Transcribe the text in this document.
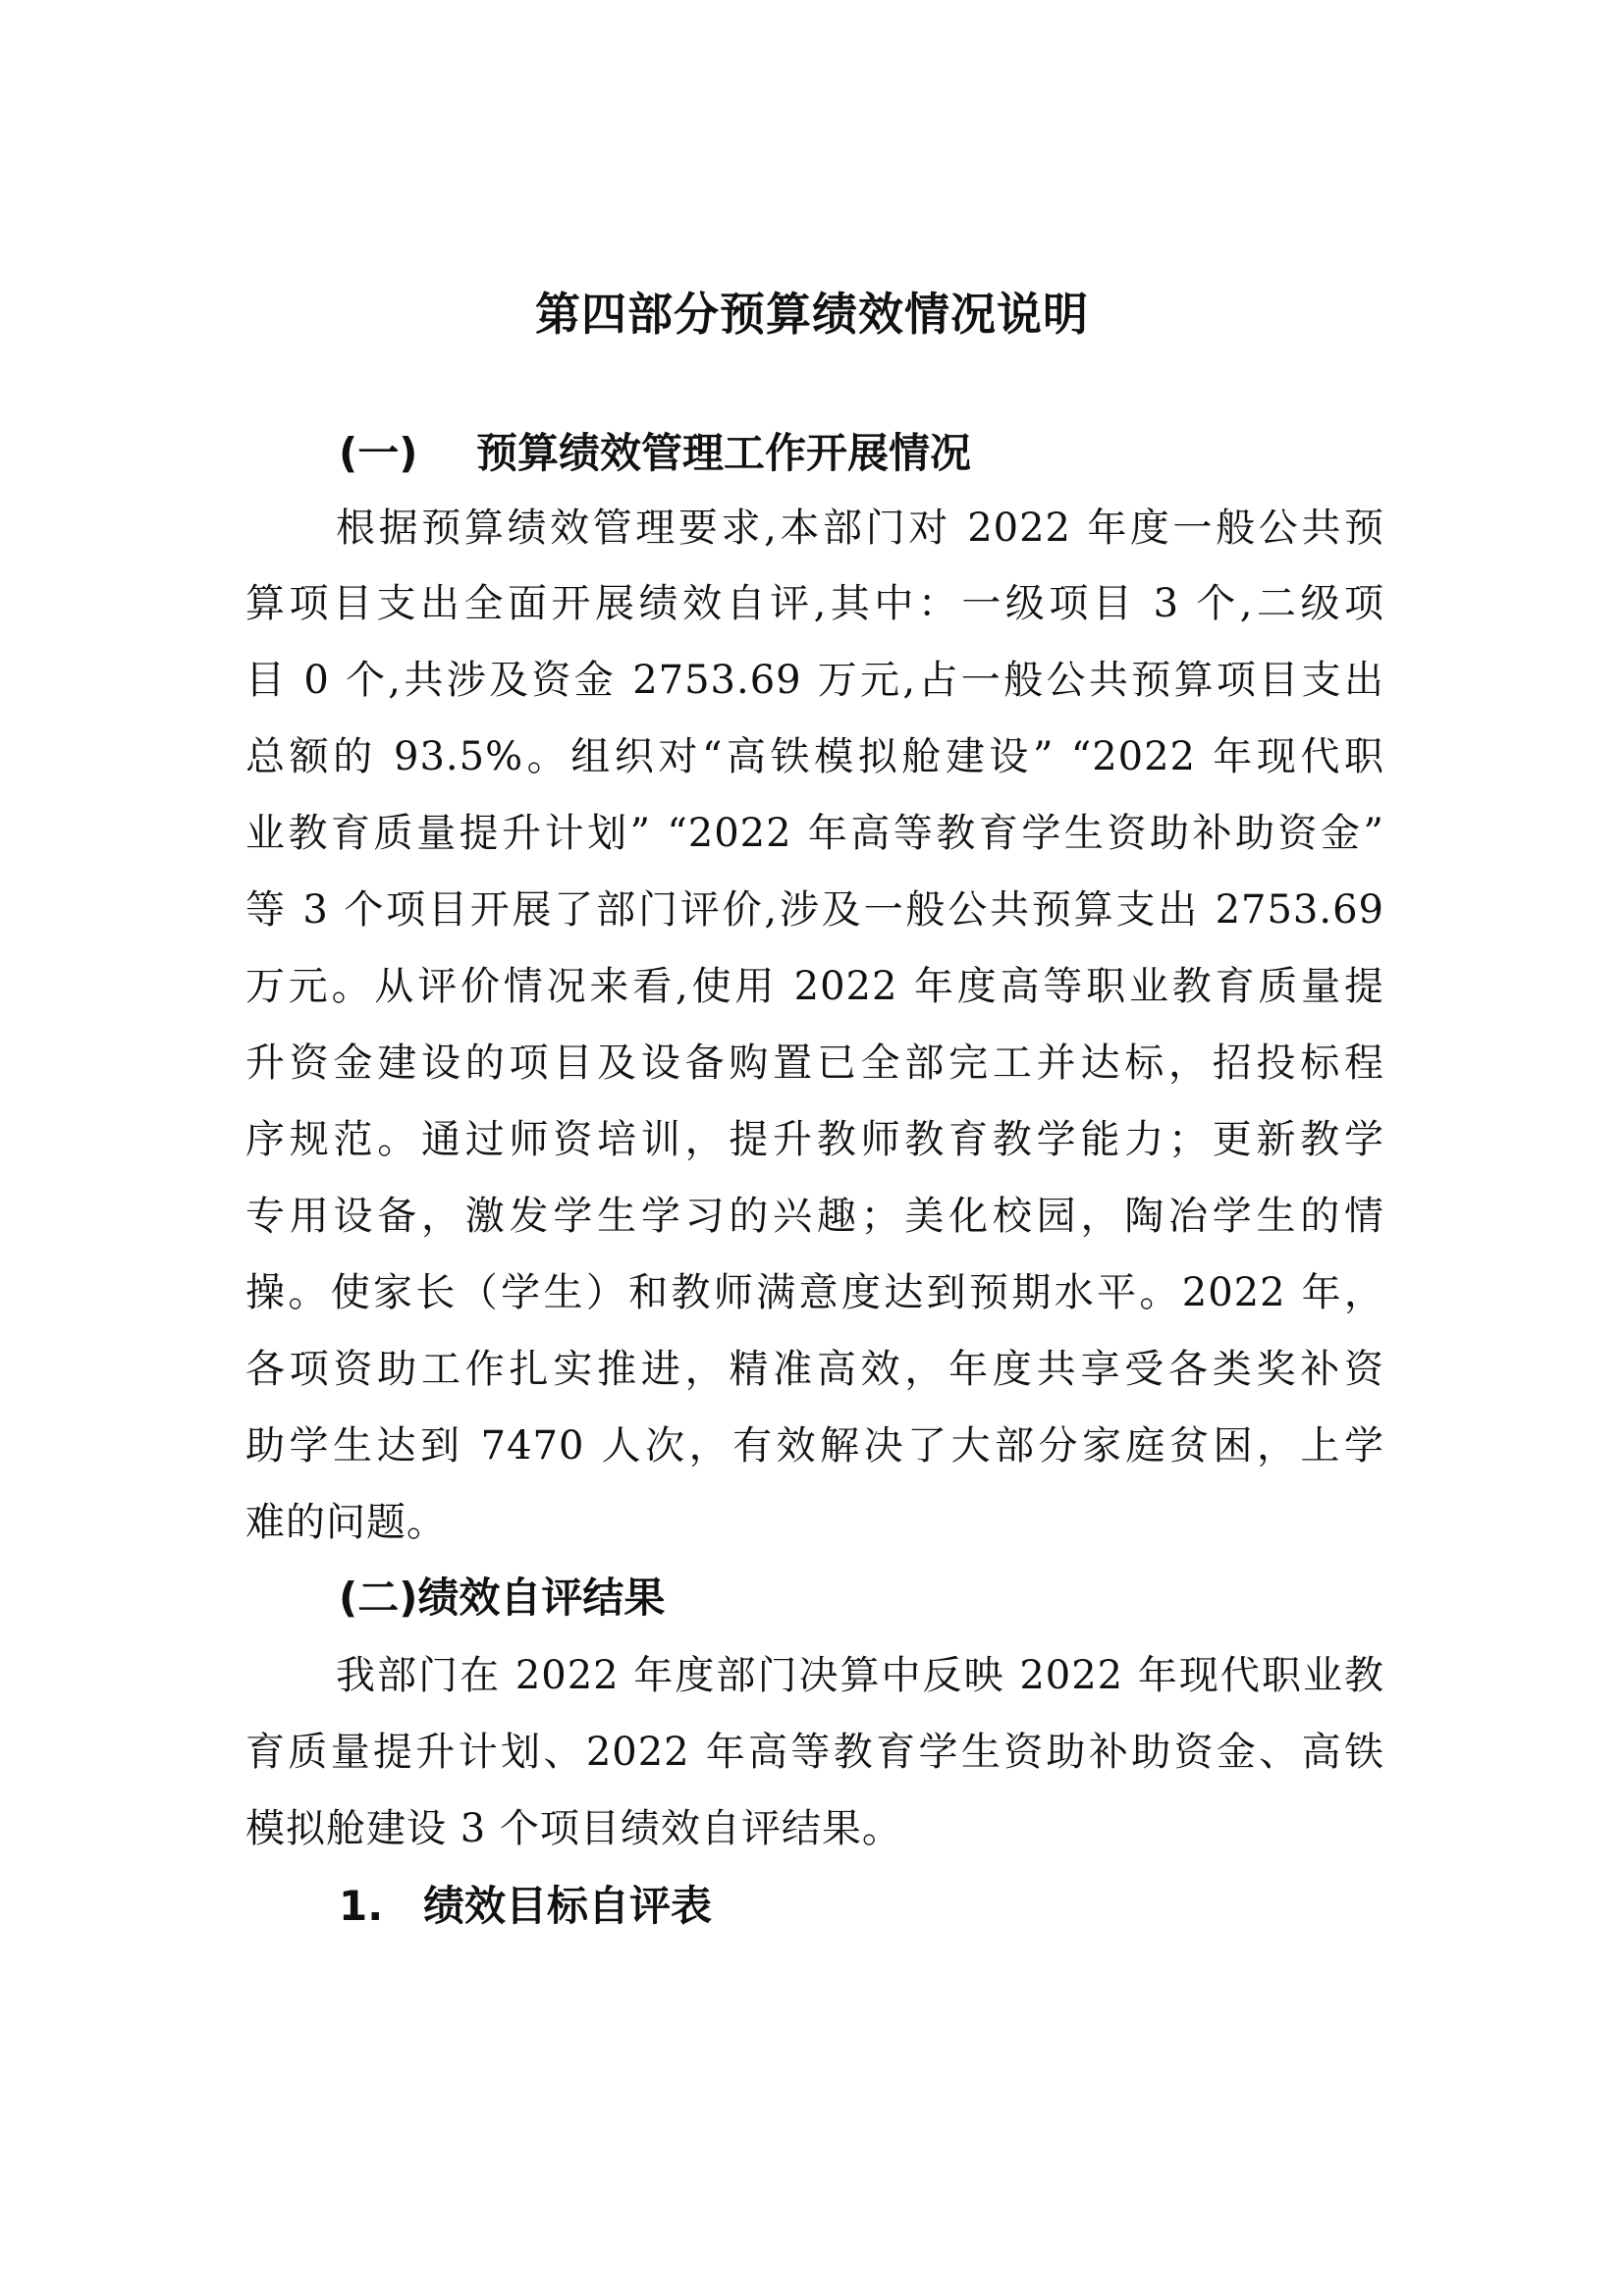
第四部分预算绩效情况说明
(一) 预算绩效管理工作开展情况
根据预算绩效管理要求,本部门对 2022 年度一般公共预
算项目支出全面开展绩效自评,其中：一级项目 3 个,二级项
目 0 个,共涉及资金 2753.69 万元,占一般公共预算项目支出
总额的 93.5%。组织对“高铁模拟舱建设” “2022 年现代职
业教育质量提升计划” “2022 年高等教育学生资助补助资金”
等 3 个项目开展了部门评价,涉及一般公共预算支出 2753.69
万元。从评价情况来看,使用 2022 年度高等职业教育质量提
升资金建设的项目及设备购置已全部完工并达标，招投标程
序规范。通过师资培训，提升教师教育教学能力；更新教学
专用设备，激发学生学习的兴趣；美化校园，陶冶学生的情
操。使家长（学生）和教师满意度达到预期水平。2022 年，
各项资助工作扎实推进，精准高效，年度共享受各类奖补资
助学生达到 7470 人次，有效解决了大部分家庭贫困，上学
难的问题。
(二)绩效自评结果
我部门在 2022 年度部门决算中反映 2022 年现代职业教
育质量提升计划、2022 年高等教育学生资助补助资金、高铁
模拟舱建设 3 个项目绩效自评结果。
1. 绩效目标自评表
